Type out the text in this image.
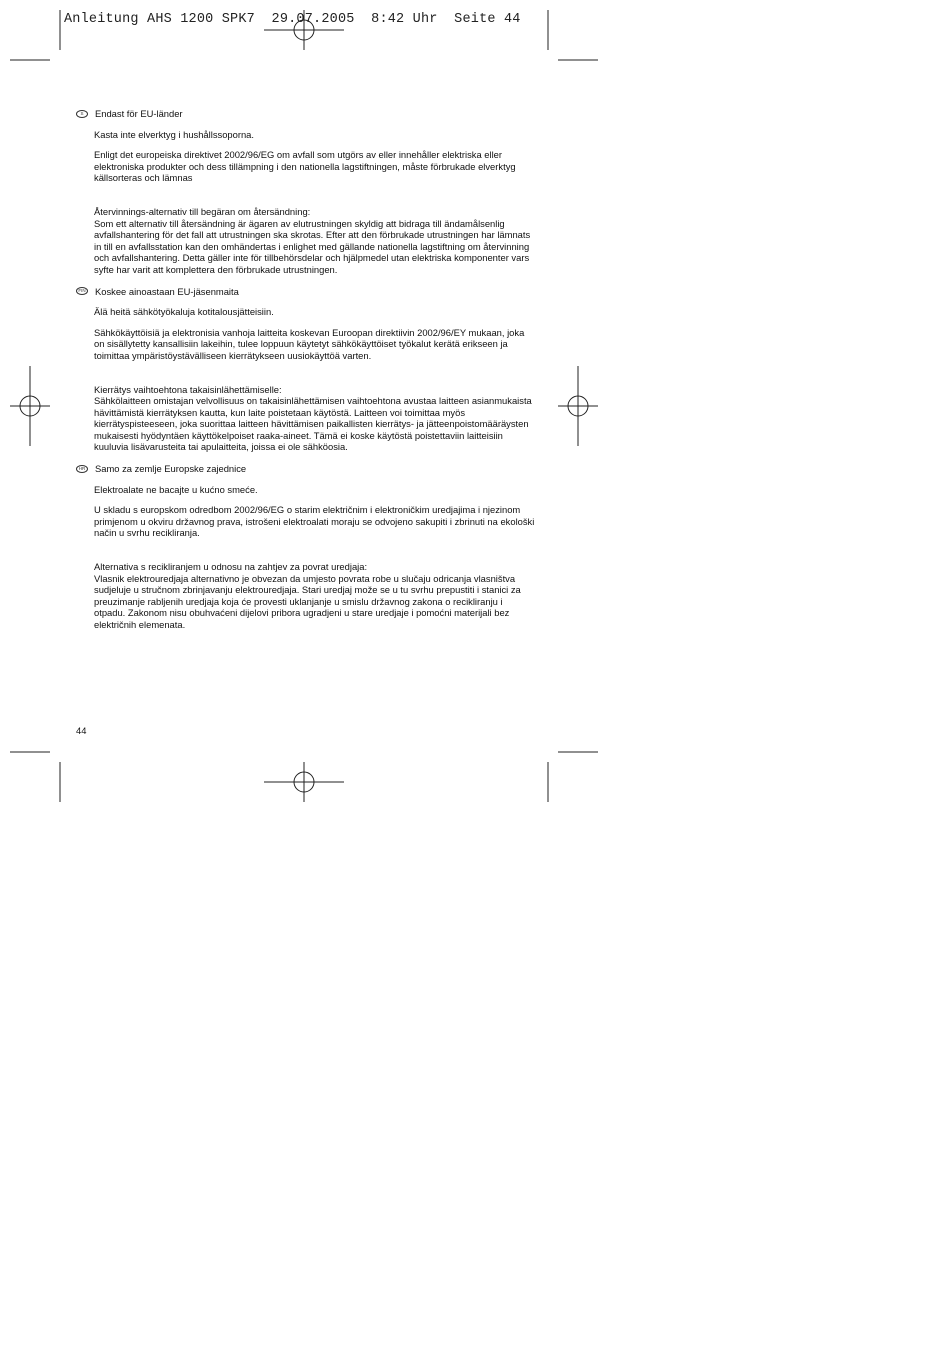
Anleitung AHS 1200 SPK7  29.07.2005  8:42 Uhr  Seite 44
S	Endast för EU-länder

Kasta inte elverktyg i hushållssoporna.

Enligt det europeiska direktivet 2002/96/EG om avfall som utgörs av eller innehåller elektriska eller elektroniska produkter och dess tillämpning i den nationella lagstiftningen, måste förbrukade elverktyg källsorteras och lämnas

Återvinnings-alternativ till begäran om återsändning:

Som ett alternativ till återsändning är ägaren av elutrustningen skyldig att bidraga till ändamålsenlig avfallshantering för det fall att utrustningen ska skrotas. Efter att den förbrukade utrustningen har lämnats in till en avfallsstation kan den omhändertas i enlighet med gällande nationella lagstiftning om återvinning och avfallshantering. Detta gäller inte för tillbehörsdelar och hjälpmedel utan elektriska komponenter vars syfte har varit att komplettera den förbrukade utrustningen.

FIN Koskee ainoastaan EU-jäsenmaita

Älä heitä sähkötyökaluja kotitalousjätteisiin.

Sähkökäyttöisiä ja elektronisia vanhoja laitteita koskevan Euroopan direktiivin 2002/96/EY mukaan, joka on sisällytetty kansallisiin lakeihin, tulee loppuun käytetyt sähkökäyttöiset työkalut kerätä erikseen ja toimittaa ympäristöystävälliseen kierrätykseen uusiokäyttöä varten.

Kierrätys vaihtoehtona takaisinlähettämiselle:

Sähkölaitteen omistajan velvollisuus on takaisinlähettämisen vaihtoehtona avustaa laitteen asianmukaista hävittämistä kierrätyksen kautta, kun laite poistetaan käytöstä. Laitteen voi toimittaa myös kierrätyspisteeseen, joka suorittaa laitteen hävittämisen paikallisten kierrätys- ja jätteenpoistomääräysten mukaisesti hyödyntäen käyttökelpoiset raaka-aineet. Tämä ei koske käytöstä poistettaviin laitteisiin kuuluvia lisävarusteita tai apulaitteita, joissa ei ole sähköosia.

HR Samo za zemlje Europske zajednice

Elektroalate ne bacajte u kućno smeće.

U skladu s europskom odredbom 2002/96/EG o starim električnim i elektroničkim uredjajima i njezinom primjenom u okviru državnog prava, istrošeni elektroalati moraju se odvojeno sakupiti i zbrinuti na ekološki način u svrhu recikliranja.

Alternativa s recikliranjem u odnosu na zahtjev za povrat uredjaja:

Vlasnik elektrouredjaja alternativno je obvezan da umjesto povrata robe u slučaju odricanja vlasništva sudjeluje u stručnom zbrinjavanju elektrouredjaja. Stari uredjaj može se u tu svrhu prepustiti i stanici za preuzimanje rabljenih uredjaja koja će provesti uklanjanje u smislu državnog zakona o recikliranju i otpadu. Zakonom nisu obuhvaćeni dijelovi pribora ugradjeni u stare uredjaje i pomoćni materijali bez električnih elemenata.

44
